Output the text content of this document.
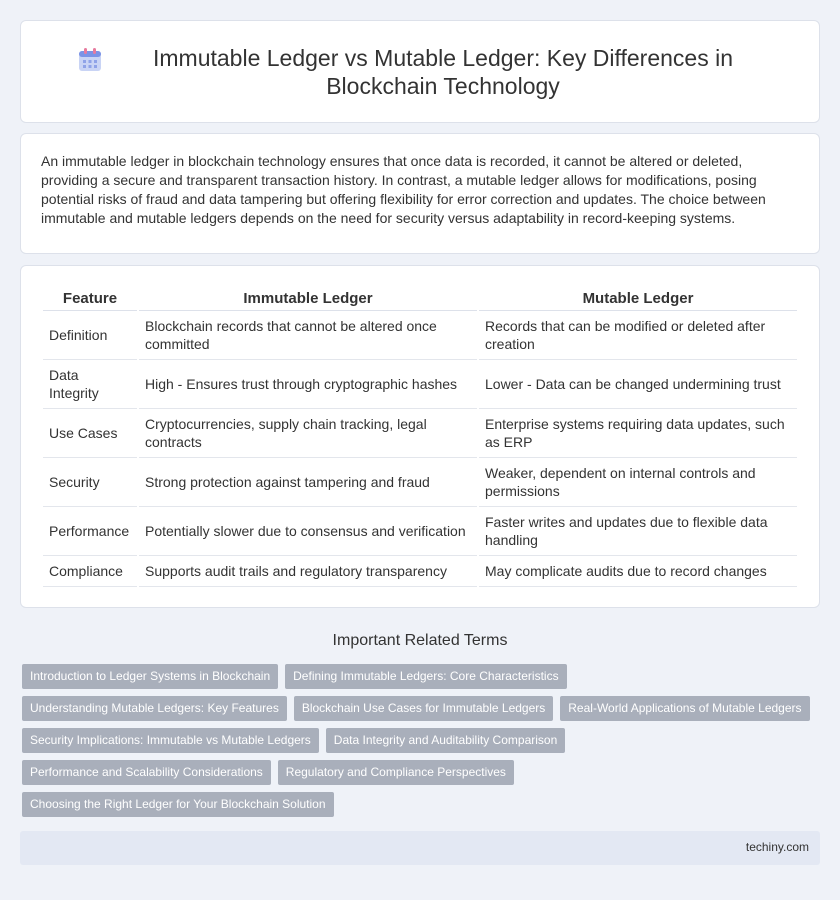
Immutable Ledger vs Mutable Ledger: Key Differences in Blockchain Technology

An immutable ledger in blockchain technology ensures that once data is recorded, it cannot be altered or deleted, providing a secure and transparent transaction history. In contrast, a mutable ledger allows for modifications, posing potential risks of fraud and data tampering but offering flexibility for error correction and updates. The choice between immutable and mutable ledgers depends on the need for security versus adaptability in record-keeping systems.

Feature	Immutable Ledger	Mutable Ledger
Definition	Blockchain records that cannot be altered once committed	Records that can be modified or deleted after creation
Data Integrity	High - Ensures trust through cryptographic hashes	Lower - Data can be changed undermining trust
Use Cases	Cryptocurrencies, supply chain tracking, legal contracts	Enterprise systems requiring data updates, such as ERP
Security	Strong protection against tampering and fraud	Weaker, dependent on internal controls and permissions
Performance	Potentially slower due to consensus and verification	Faster writes and updates due to flexible data handling
Compliance	Supports audit trails and regulatory transparency	May complicate audits due to record changes
Important Related Terms
Introduction to Ledger Systems in Blockchain	Defining Immutable Ledgers: Core Characteristics
Understanding Mutable Ledgers: Key Features	Blockchain Use Cases for Immutable Ledgers	Real-World Applications of Mutable Ledgers
Security Implications: Immutable vs Mutable Ledgers	Data Integrity and Auditability Comparison
Performance and Scalability Considerations	Regulatory and Compliance Perspectives
Choosing the Right Ledger for Your Blockchain Solution
techiny.com
